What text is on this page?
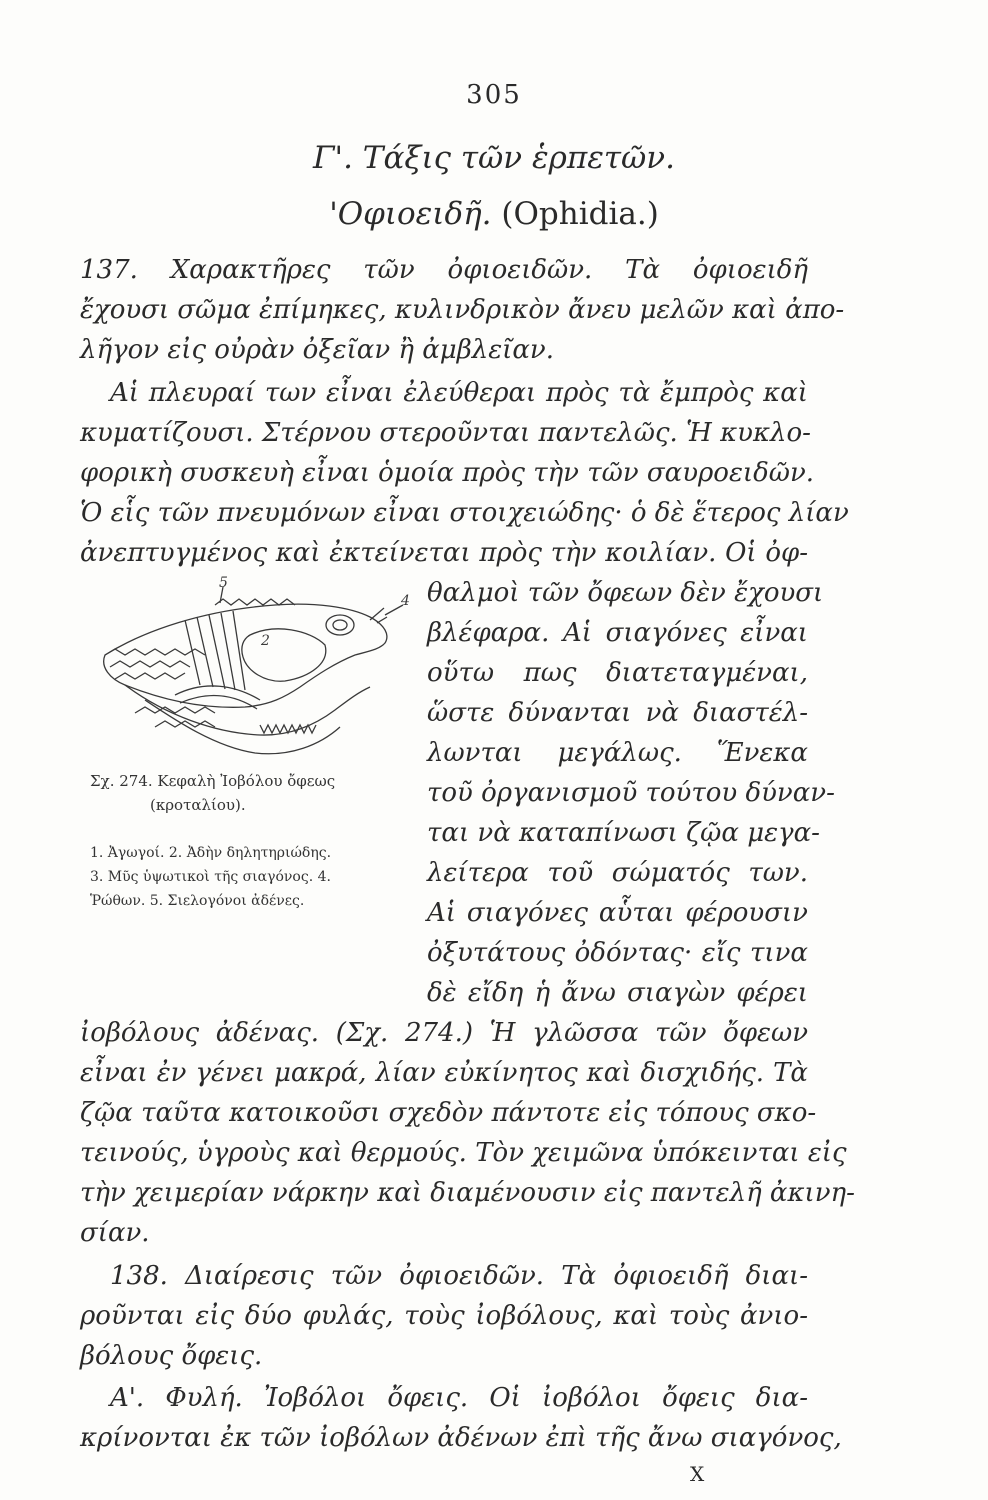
305
Γ'. Τάξις τῶν ἑρπετῶν.
'Οφιοειδῆ. (Ophidia.)
137. Χαρακτῆρες τῶν ὀφιοειδῶν. Τὰ ὀφιοειδῆ
ἔχουσι σῶμα ἐπίμηκες, κυλινδρικὸν ἄνευ μελῶν καὶ ἀπο-
λῆγον εἰς οὐρὰν ὀξεῖαν ἢ ἀμβλεῖαν.
Αἱ πλευραί των εἶναι ἐλεύθεραι πρὸς τὰ ἔμπρὸς καὶ
κυματίζουσι. Στέρνου στεροῦνται παντελῶς. Ἡ κυκλο-
φορικὴ συσκευὴ εἶναι ὁμοία πρὸς τὴν τῶν σαυροειδῶν.
Ὁ εἷς τῶν πνευμόνων εἶναι στοιχειώδης· ὁ δὲ ἕτερος λίαν
ἀνεπτυγμένος καὶ ἐκτείνεται πρὸς τὴν κοιλίαν. Οἱ ὀφ-
θαλμοὶ τῶν ὄφεων δὲν ἔχουσι
βλέφαρα. Αἱ σιαγόνες εἶναι
οὕτω πως διατεταγμέναι,
ὥστε δύνανται νὰ διαστέλ-
λωνται μεγάλως. Ἕνεκα
τοῦ ὀργανισμοῦ τούτου δύναν-
ται νὰ καταπίνωσι ζῷα μεγα-
λείτερα τοῦ σώματός των.
Αἱ σιαγόνες αὗται φέρουσιν
ὀξυτάτους ὀδόντας· εἴς τινα
δὲ εἴδη ἡ ἄνω σιαγὼν φέρει
5
2
4
Σχ. 274. Κεφαλὴ Ἰοβόλου ὄφεως
(κροταλίου).
1. Ἀγωγοί. 2. Ἀδὴν δηλητηριώδης.
3. Μῦς ὑψωτικοὶ τῆς σιαγόνος. 4.
Ῥώθων. 5. Σιελογόνοι ἀδένες.
ἰοβόλους ἀδένας. (Σχ. 274.) Ἡ γλῶσσα τῶν ὄφεων
εἶναι ἐν γένει μακρά, λίαν εὐκίνητος καὶ δισχιδής. Τὰ
ζῷα ταῦτα κατοικοῦσι σχεδὸν πάντοτε εἰς τόπους σκο-
τεινούς, ὑγροὺς καὶ θερμούς. Τὸν χειμῶνα ὑπόκεινται εἰς
τὴν χειμερίαν νάρκην καὶ διαμένουσιν εἰς παντελῆ ἀκινη-
σίαν.
138. Διαίρεσις τῶν ὀφιοειδῶν. Τὰ ὀφιοειδῆ διαι-
ροῦνται εἰς δύο φυλάς, τοὺς ἰοβόλους, καὶ τοὺς ἀνιο-
βόλους ὄφεις.
Α'. Φυλή. Ἰοβόλοι ὄφεις. Οἱ ἰοβόλοι ὄφεις δια-
κρίνονται ἐκ τῶν ἰοβόλων ἀδένων ἐπὶ τῆς ἄνω σιαγόνος,
X
